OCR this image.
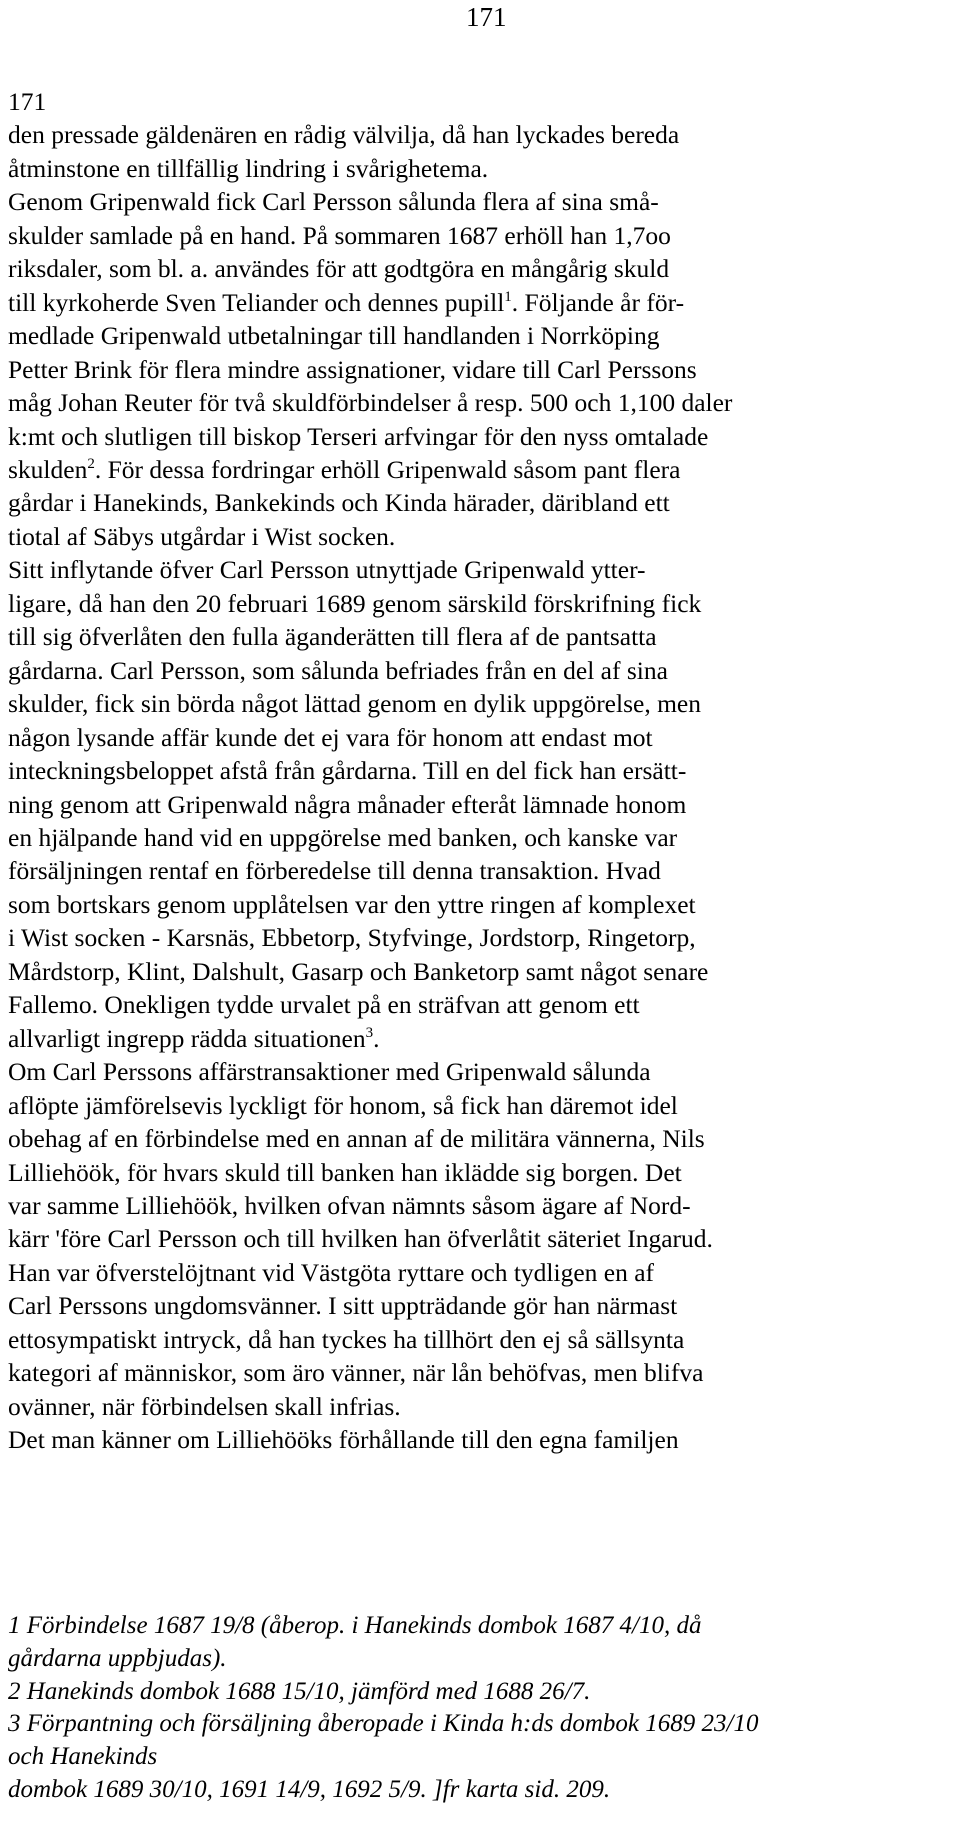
171
171
den pressade gäldenären en rådig välvilja, då han lyckades bereda
åtminstone en tillfällig lindring i svårighetema.
Genom Gripenwald fick Carl Persson sålunda flera af sina små-
skulder samlade på en hand. På sommaren 1687 erhöll han 1,7oo
riksdaler, som bl. a. användes för att godtgöra en mångårig skuld
till kyrkoherde Sven Teliander och dennes pupill$^1$. Följande år för-
medlade Gripenwald utbetalningar till handlanden i Norrköping
Petter Brink för flera mindre assignationer, vidare till Carl Perssons
måg Johan Reuter för två skuldförbindelser å resp. 500 och 1,100 daler
k:mt och slutligen till biskop Terseri arfvingar för den nyss omtalade
skulden$^2$. För dessa fordringar erhöll Gripenwald såsom pant flera
gårdar i Hanekinds, Bankekinds och Kinda härader, däribland ett
tiotal af Säbys utgårdar i Wist socken.
Sitt inflytande öfver Carl Persson utnyttjade Gripenwald ytter-
ligare, då han den 20 februari 1689 genom särskild förskrifning fick
till sig öfverlåten den fulla äganderätten till flera af de pantsatta
gårdarna. Carl Persson, som sålunda befriades från en del af sina
skulder, fick sin börda något lättad genom en dylik uppgörelse, men
någon lysande affär kunde det ej vara för honom att endast mot
inteckningsbeloppet afstå från gårdarna. Till en del fick han ersätt-
ning genom att Gripenwald några månader efteråt lämnade honom
en hjälpande hand vid en uppgörelse med banken, och kanske var
försäljningen rentaf en förberedelse till denna transaktion. Hvad
som bortskars genom upplåtelsen var den yttre ringen af komplexet
i Wist socken - Karsnäs, Ebbetorp, Styfvinge, Jordstorp, Ringetorp,
Mårdstorp, Klint, Dalshult, Gasarp och Banketorp samt något senare
Fallemo. Onekligen tydde urvalet på en sträfvan att genom ett
allvarligt ingrepp rädda situationen$^3$.
Om Carl Perssons affärstransaktioner med Gripenwald sålunda
aflöpte jämförelsevis lyckligt för honom, så fick han däremot idel
obehag af en förbindelse med en annan af de militära vännerna, Nils
Lilliehöök, för hvars skuld till banken han iklädde sig borgen. Det
var samme Lilliehöök, hvilken ofvan nämnts såsom ägare af Nord-
kärr 'före Carl Persson och till hvilken han öfverlåtit säteriet Ingarud.
Han var öfverstelöjtnant vid Västgöta ryttare och tydligen en af
Carl Perssons ungdomsvänner. I sitt uppträdande gör han närmast
ettosympatiskt intryck, då han tyckes ha tillhört den ej så sällsynta
kategori af människor, som äro vänner, när lån behöfvas, men blifva
ovänner, när förbindelsen skall infrias.
Det man känner om Lilliehööks förhållande till den egna familjen
1 Förbindelse 1687 19/8 (åberop. i Hanekinds dombok 1687 4/10, då
gårdarna uppbjudas).
2 Hanekinds dombok 1688 15/10, jämförd med 1688 26/7.
3 Förpantning och försäljning åberopade i Kinda h:ds dombok 1689 23/10
och Hanekinds
dombok 1689 30/10, 1691 14/9, 1692 5/9. ]fr karta sid. 209.
